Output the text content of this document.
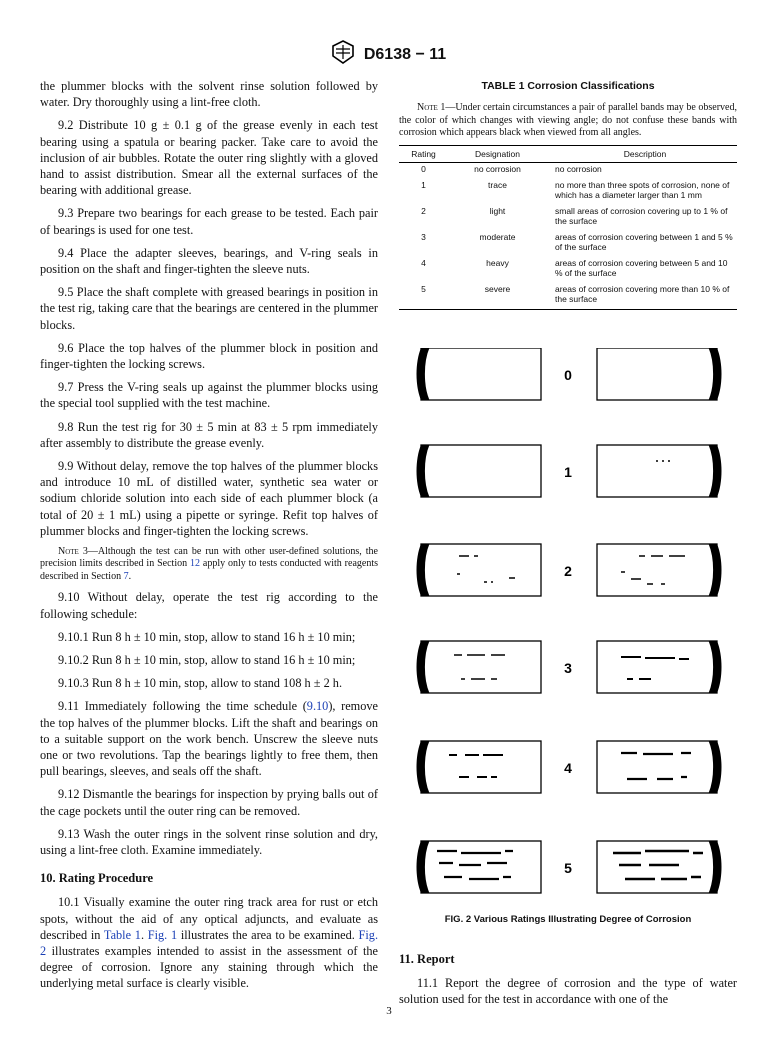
D6138 − 11

the plummer blocks with the solvent rinse solution followed by water. Dry thoroughly using a lint-free cloth.

9.2 Distribute 10 g ± 0.1 g of the grease evenly in each test bearing using a spatula or bearing packer. Take care to avoid the inclusion of air bubbles. Rotate the outer ring slightly with a gloved hand to assist distribution. Smear all the external surfaces of the bearing with additional grease.

9.3 Prepare two bearings for each grease to be tested. Each pair of bearings is used for one test.

9.4 Place the adapter sleeves, bearings, and V-ring seals in position on the shaft and finger-tighten the sleeve nuts.

9.5 Place the shaft complete with greased bearings in position in the test rig, taking care that the bearings are centered in the plummer blocks.

9.6 Place the top halves of the plummer block in position and finger-tighten the locking screws.

9.7 Press the V-ring seals up against the plummer blocks using the special tool supplied with the test machine.

9.8 Run the test rig for 30 ± 5 min at 83 ± 5 rpm immediately after assembly to distribute the grease evenly.

9.9 Without delay, remove the top halves of the plummer blocks and introduce 10 mL of distilled water, synthetic sea water or sodium chloride solution into each side of each plummer block (a total of 20 ± 1 mL) using a pipette or syringe. Refit top halves of plummer blocks and finger-tighten the locking screws.

Note 3—Although the test can be run with other user-defined solutions, the precision limits described in Section 12 apply only to tests conducted with reagents described in Section 7.

9.10 Without delay, operate the test rig according to the following schedule:

9.10.1 Run 8 h ± 10 min, stop, allow to stand 16 h ± 10 min;

9.10.2 Run 8 h ± 10 min, stop, allow to stand 16 h ± 10 min;

9.10.3 Run 8 h ± 10 min, stop, allow to stand 108 h ± 2 h.

9.11 Immediately following the time schedule (9.10), remove the top halves of the plummer blocks. Lift the shaft and bearings on to a suitable support on the work bench. Unscrew the sleeve nuts one or two revolutions. Tap the bearings lightly to free them, then pull bearings, sleeves, and seals off the shaft.

9.12 Dismantle the bearings for inspection by prying balls out of the cage pockets until the outer ring can be removed.

9.13 Wash the outer rings in the solvent rinse solution and dry, using a lint-free cloth. Examine immediately.

10. Rating Procedure

10.1 Visually examine the outer ring track area for rust or etch spots, without the aid of any optical adjuncts, and evaluate as described in Table 1. Fig. 1 illustrates the area to be examined. Fig. 2 illustrates examples intended to assist in the assessment of the degree of corrosion. Ignore any staining through which the underlying metal surface is clearly visible.

TABLE 1 Corrosion Classifications
Note 1—Under certain circumstances a pair of parallel bands may be observed, the color of which changes with viewing angle; do not confuse these bands with corrosion which appears black when viewed from all angles.
Rating	Designation	Description
0	no corrosion	no corrosion
1	trace	no more than three spots of corrosion, none of which has a diameter larger than 1 mm
2	light	small areas of corrosion covering up to 1 % of the surface
3	moderate	areas of corrosion covering between 1 and 5 % of the surface
4	heavy	areas of corrosion covering between 5 and 10 % of the surface
5	severe	areas of corrosion covering more than 10 % of the surface
0
1
2
3
4
5
FIG. 2 Various Ratings Illustrating Degree of Corrosion
11. Report

11.1 Report the degree of corrosion and the type of water solution used for the test in accordance with one of the

3
